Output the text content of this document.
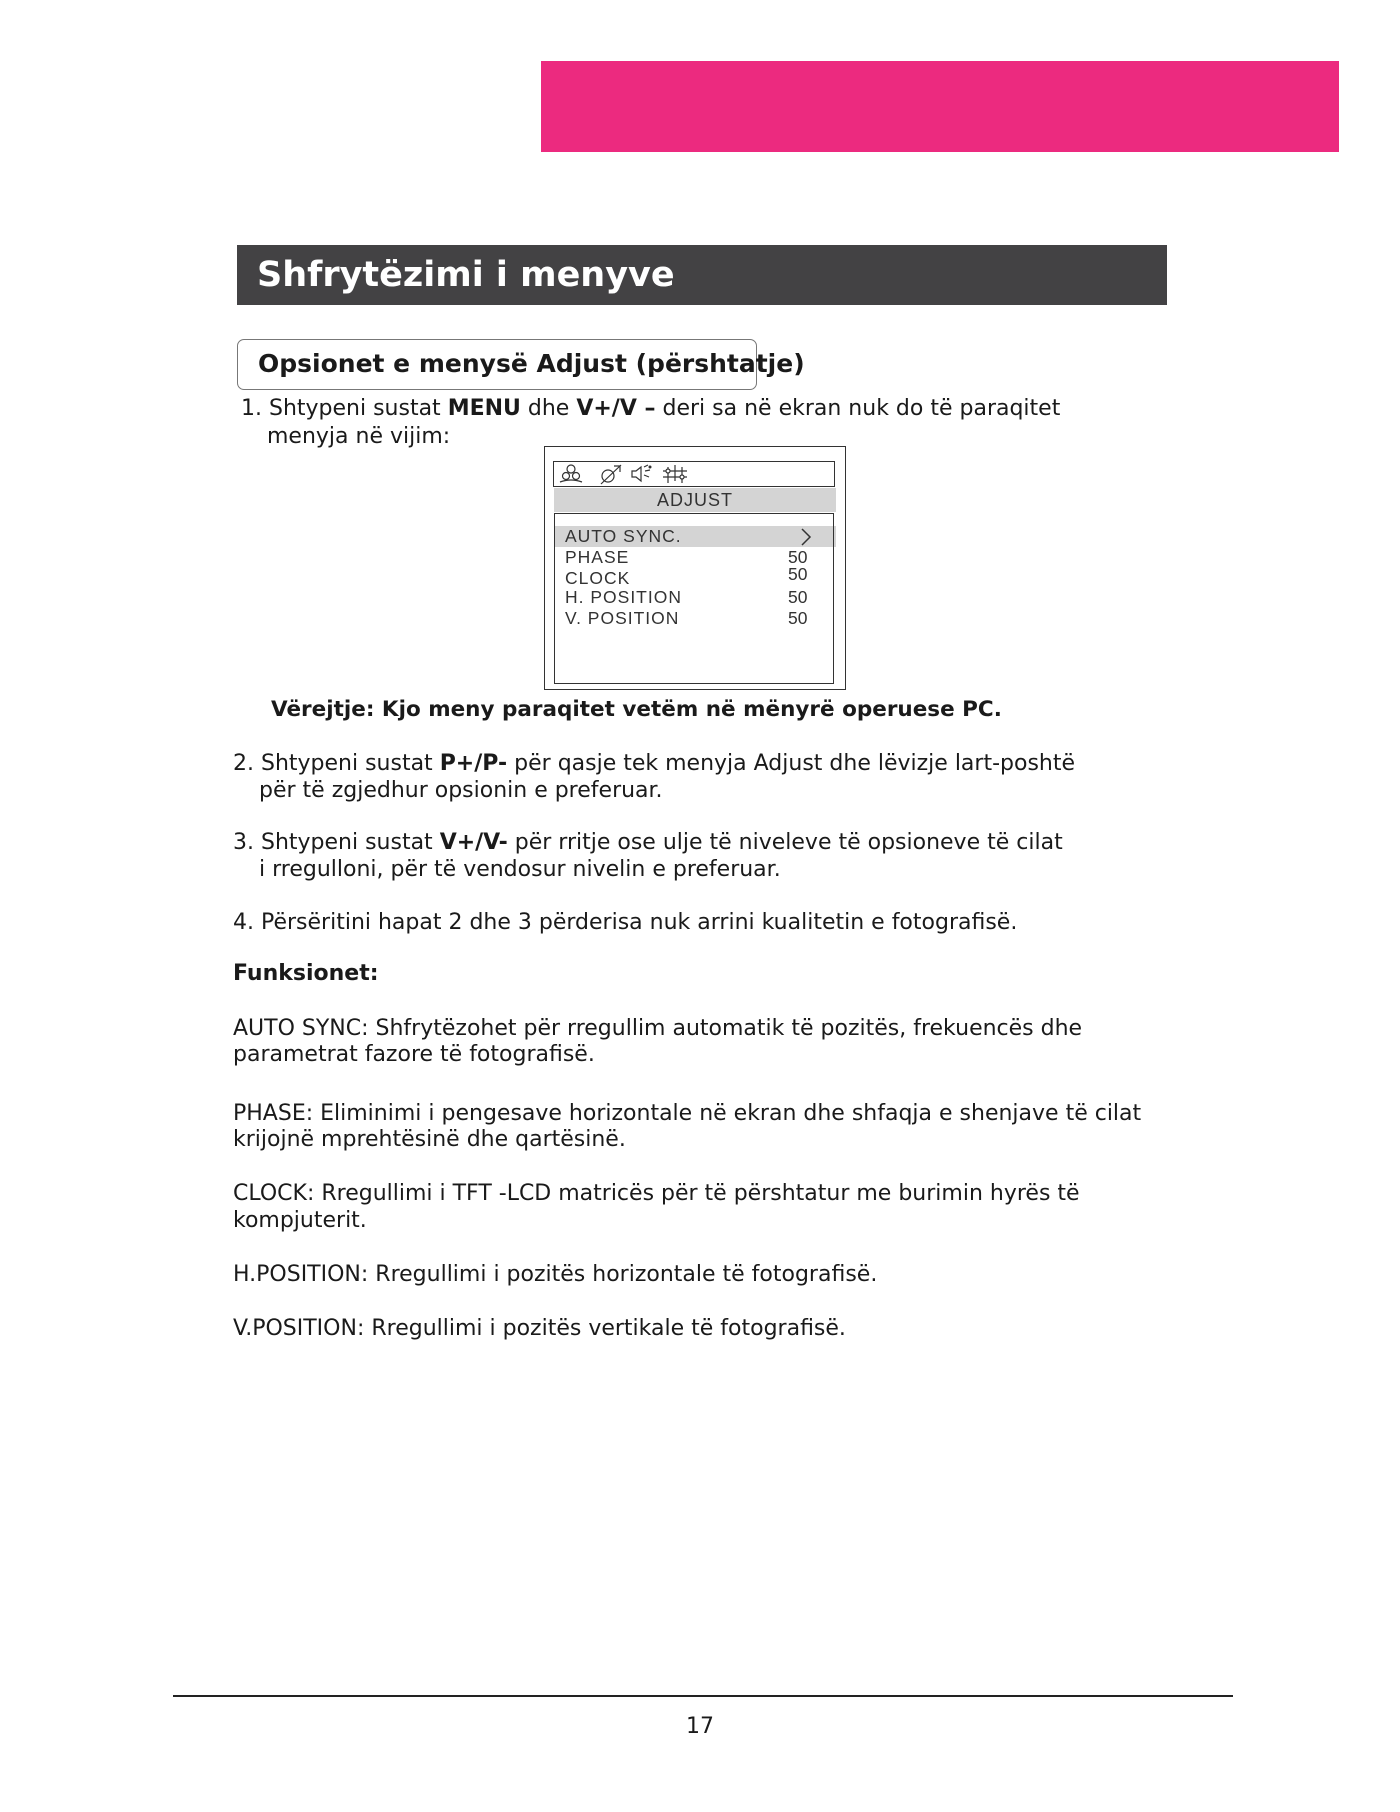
Shfrytëzimi i menyve
Opsionet e menysë Adjust (përshtatje)
1. Shtypeni sustat MENU dhe V+/V – deri sa në ekran nuk do të paraqitet
menyja në vijim:
ADJUST
AUTO SYNC.
PHASE	50
CLOCK	50
H. POSITION	50
V. POSITION	50
Vërejtje: Kjo meny paraqitet vetëm në mënyrë operuese PC.
2. Shtypeni sustat P+/P- për qasje tek menyja Adjust dhe lëvizje lart-poshtë
për të zgjedhur opsionin e preferuar.
3. Shtypeni sustat V+/V- për rritje ose ulje të niveleve të opsioneve të cilat
i rregulloni, për të vendosur nivelin e preferuar.
4. Përsëritini hapat 2 dhe 3 përderisa nuk arrini kualitetin e fotografisë.
Funksionet:
AUTO SYNC: Shfrytëzohet për rregullim automatik të pozitës, frekuencës dhe
parametrat fazore të fotografisë.
PHASE: Eliminimi i pengesave horizontale në ekran dhe shfaqja e shenjave të cilat
krijojnë mprehtësinë dhe qartësinë.
CLOCK: Rregullimi i TFT -LCD matricës për të përshtatur me burimin hyrës të
kompjuterit.
H.POSITION: Rregullimi i pozitës horizontale të fotografisë.
V.POSITION: Rregullimi i pozitës vertikale të fotografisë.
17
